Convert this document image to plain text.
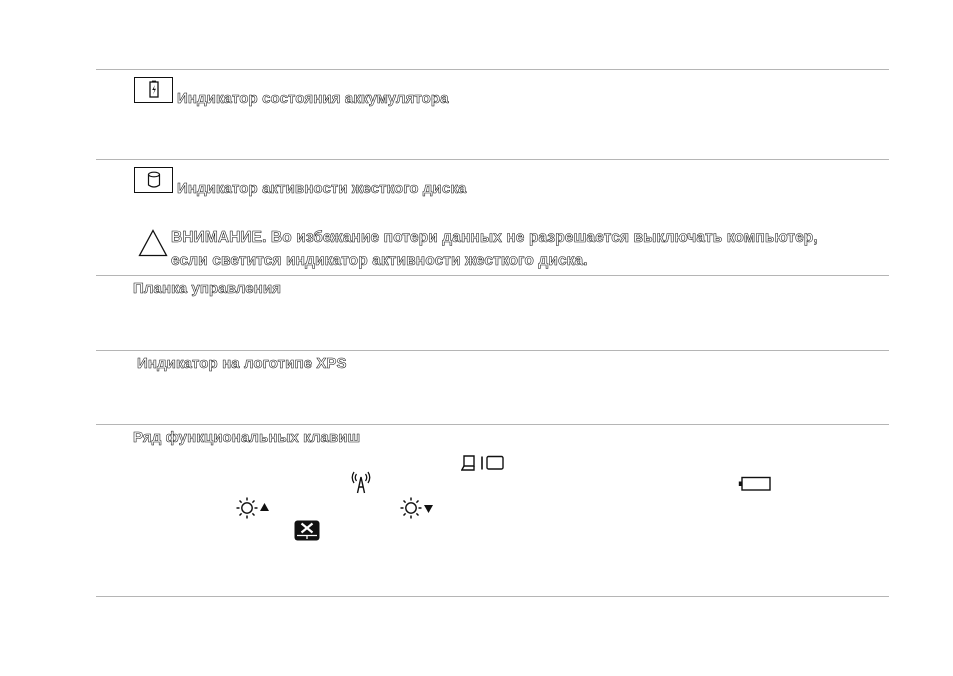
Индикатор состояния аккумулятора
Индикатор активности жесткого диска
ВНИМАНИЕ. Во избежание потери данных не разрешается выключать компьютер,
если светится индикатор активности жесткого диска.
Планка управления
Индикатор на логотипе XPS
Ряд функциональных клавиш
